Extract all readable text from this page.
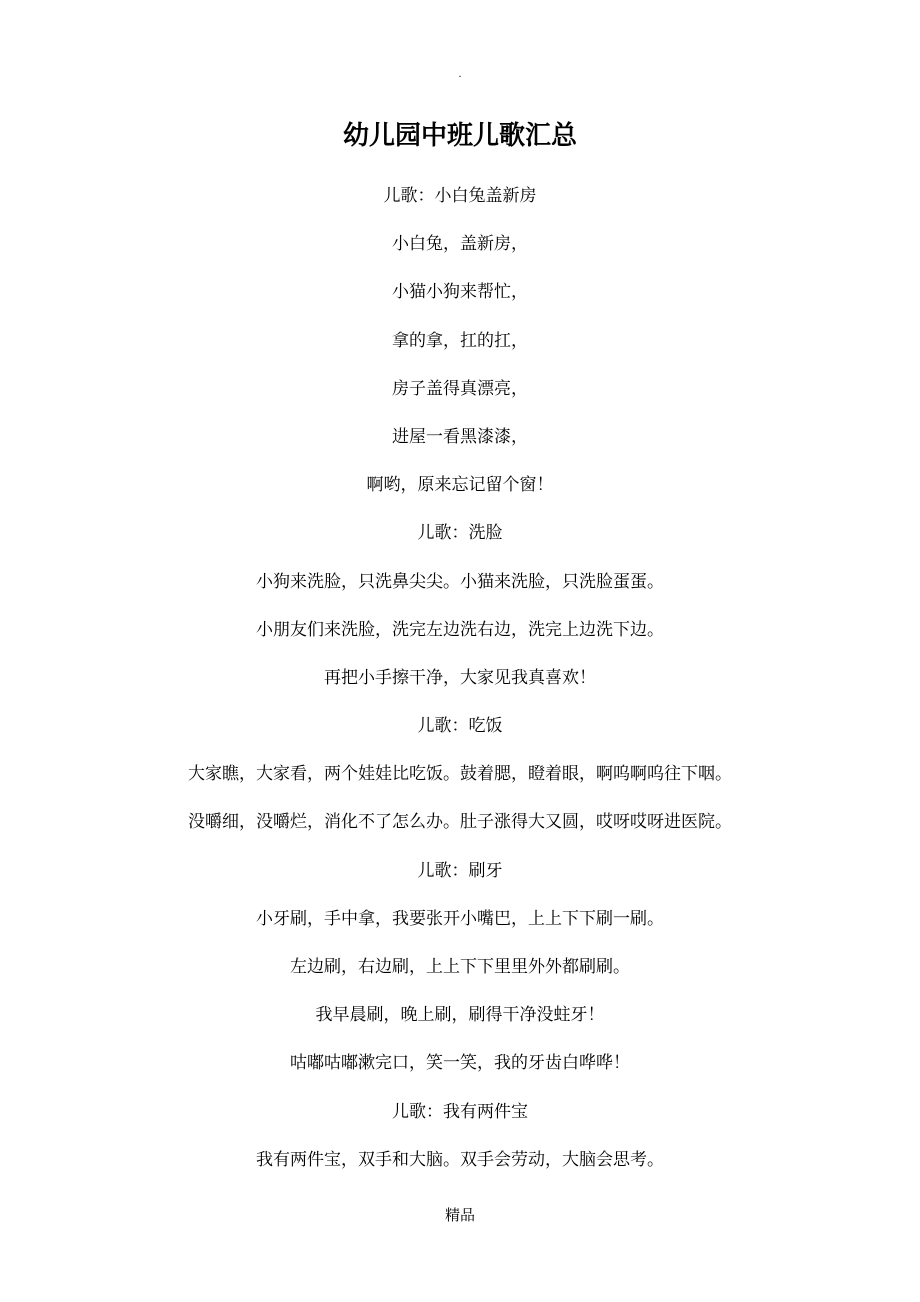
.
幼儿园中班儿歌汇总
儿歌：小白兔盖新房
小白兔，盖新房，
小猫小狗来帮忙，
拿的拿，扛的扛，
房子盖得真漂亮，
进屋一看黑漆漆，
啊哟，原来忘记留个窗！
儿歌：洗脸
小狗来洗脸，只洗鼻尖尖。小猫来洗脸，只洗脸蛋蛋。
小朋友们来洗脸，洗完左边洗右边，洗完上边洗下边。
再把小手擦干净，大家见我真喜欢！
儿歌：吃饭
大家瞧，大家看，两个娃娃比吃饭。鼓着腮，瞪着眼，啊呜啊呜往下咽。
没嚼细，没嚼烂，消化不了怎么办。肚子涨得大又圆，哎呀哎呀进医院。
儿歌：刷牙
小牙刷，手中拿，我要张开小嘴巴，上上下下刷一刷。
左边刷，右边刷，上上下下里里外外都刷刷。
我早晨刷，晚上刷，刷得干净没蛀牙！
咕嘟咕嘟漱完口，笑一笑，我的牙齿白哗哗！
儿歌：我有两件宝
我有两件宝，双手和大脑。双手会劳动，大脑会思考。
精品
